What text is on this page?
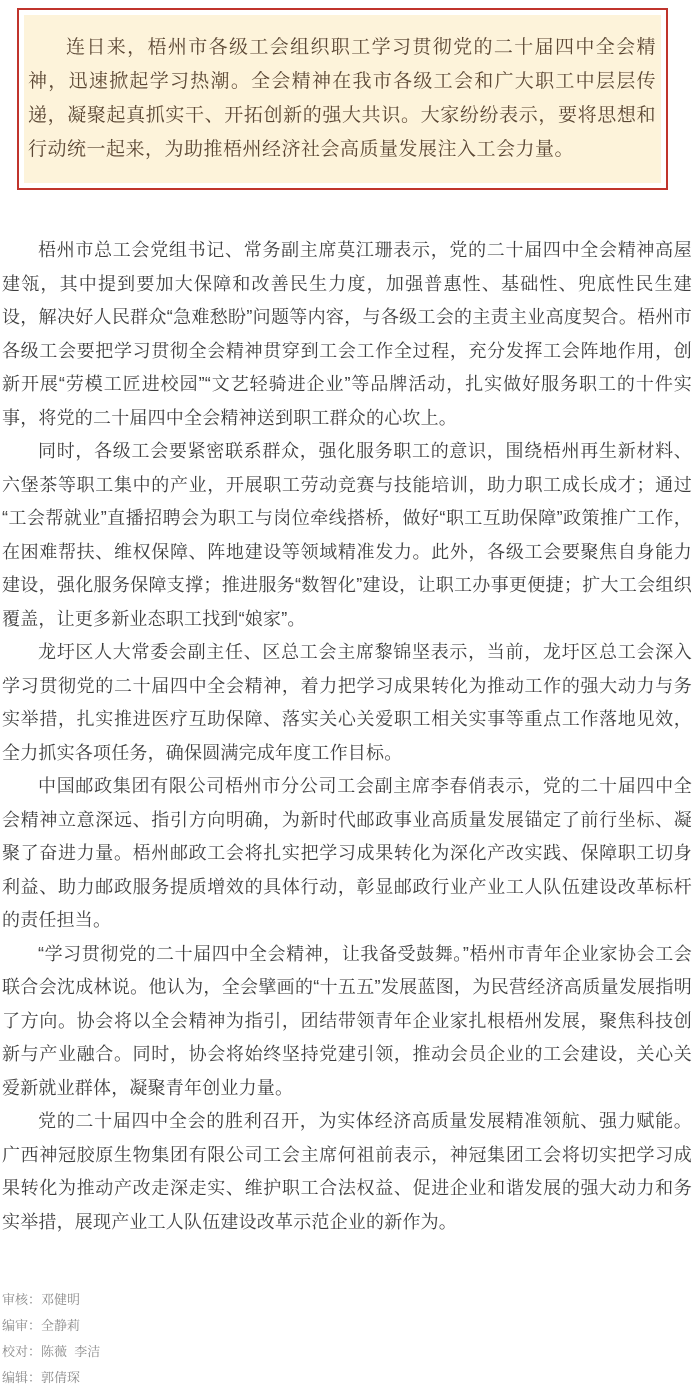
连日来，梧州市各级工会组织职工学习贯彻党的二十届四中全会精神，迅速掀起学习热潮。全会精神在我市各级工会和广大职工中层层传递，凝聚起真抓实干、开拓创新的强大共识。大家纷纷表示，要将思想和行动统一起来，为助推梧州经济社会高质量发展注入工会力量。

梧州市总工会党组书记、常务副主席莫江珊表示，党的二十届四中全会精神高屋建瓴，其中提到要加大保障和改善民生力度，加强普惠性、基础性、兜底性民生建设，解决好人民群众“急难愁盼”问题等内容，与各级工会的主责主业高度契合。梧州市各级工会要把学习贯彻全会精神贯穿到工会工作全过程，充分发挥工会阵地作用，创新开展“劳模工匠进校园”“文艺轻骑进企业”等品牌活动，扎实做好服务职工的十件实事，将党的二十届四中全会精神送到职工群众的心坎上。

同时，各级工会要紧密联系群众，强化服务职工的意识，围绕梧州再生新材料、六堡茶等职工集中的产业，开展职工劳动竞赛与技能培训，助力职工成长成才；通过“工会帮就业”直播招聘会为职工与岗位牵线搭桥，做好“职工互助保障”政策推广工作，在困难帮扶、维权保障、阵地建设等领域精准发力。此外，各级工会要聚焦自身能力建设，强化服务保障支撑；推进服务“数智化”建设，让职工办事更便捷；扩大工会组织覆盖，让更多新业态职工找到“娘家”。

龙圩区人大常委会副主任、区总工会主席黎锦坚表示，当前，龙圩区总工会深入学习贯彻党的二十届四中全会精神，着力把学习成果转化为推动工作的强大动力与务实举措，扎实推进医疗互助保障、落实关心关爱职工相关实事等重点工作落地见效，全力抓实各项任务，确保圆满完成年度工作目标。

中国邮政集团有限公司梧州市分公司工会副主席李春俏表示，党的二十届四中全会精神立意深远、指引方向明确，为新时代邮政事业高质量发展锚定了前行坐标、凝聚了奋进力量。梧州邮政工会将扎实把学习成果转化为深化产改实践、保障职工切身利益、助力邮政服务提质增效的具体行动，彰显邮政行业产业工人队伍建设改革标杆的责任担当。

“学习贯彻党的二十届四中全会精神，让我备受鼓舞。”梧州市青年企业家协会工会联合会沈成林说。他认为，全会擘画的“十五五”发展蓝图，为民营经济高质量发展指明了方向。协会将以全会精神为指引，团结带领青年企业家扎根梧州发展，聚焦科技创新与产业融合。同时，协会将始终坚持党建引领，推动会员企业的工会建设，关心关爱新就业群体，凝聚青年创业力量。

党的二十届四中全会的胜利召开，为实体经济高质量发展精准领航、强力赋能。广西神冠胶原生物集团有限公司工会主席何祖前表示，神冠集团工会将切实把学习成果转化为推动产改走深走实、维护职工合法权益、促进企业和谐发展的强大动力和务实举措，展现产业工人队伍建设改革示范企业的新作为。

审核：邓健明
编审：全静莉
校对：陈薇  李洁
编辑：郭倩琛
